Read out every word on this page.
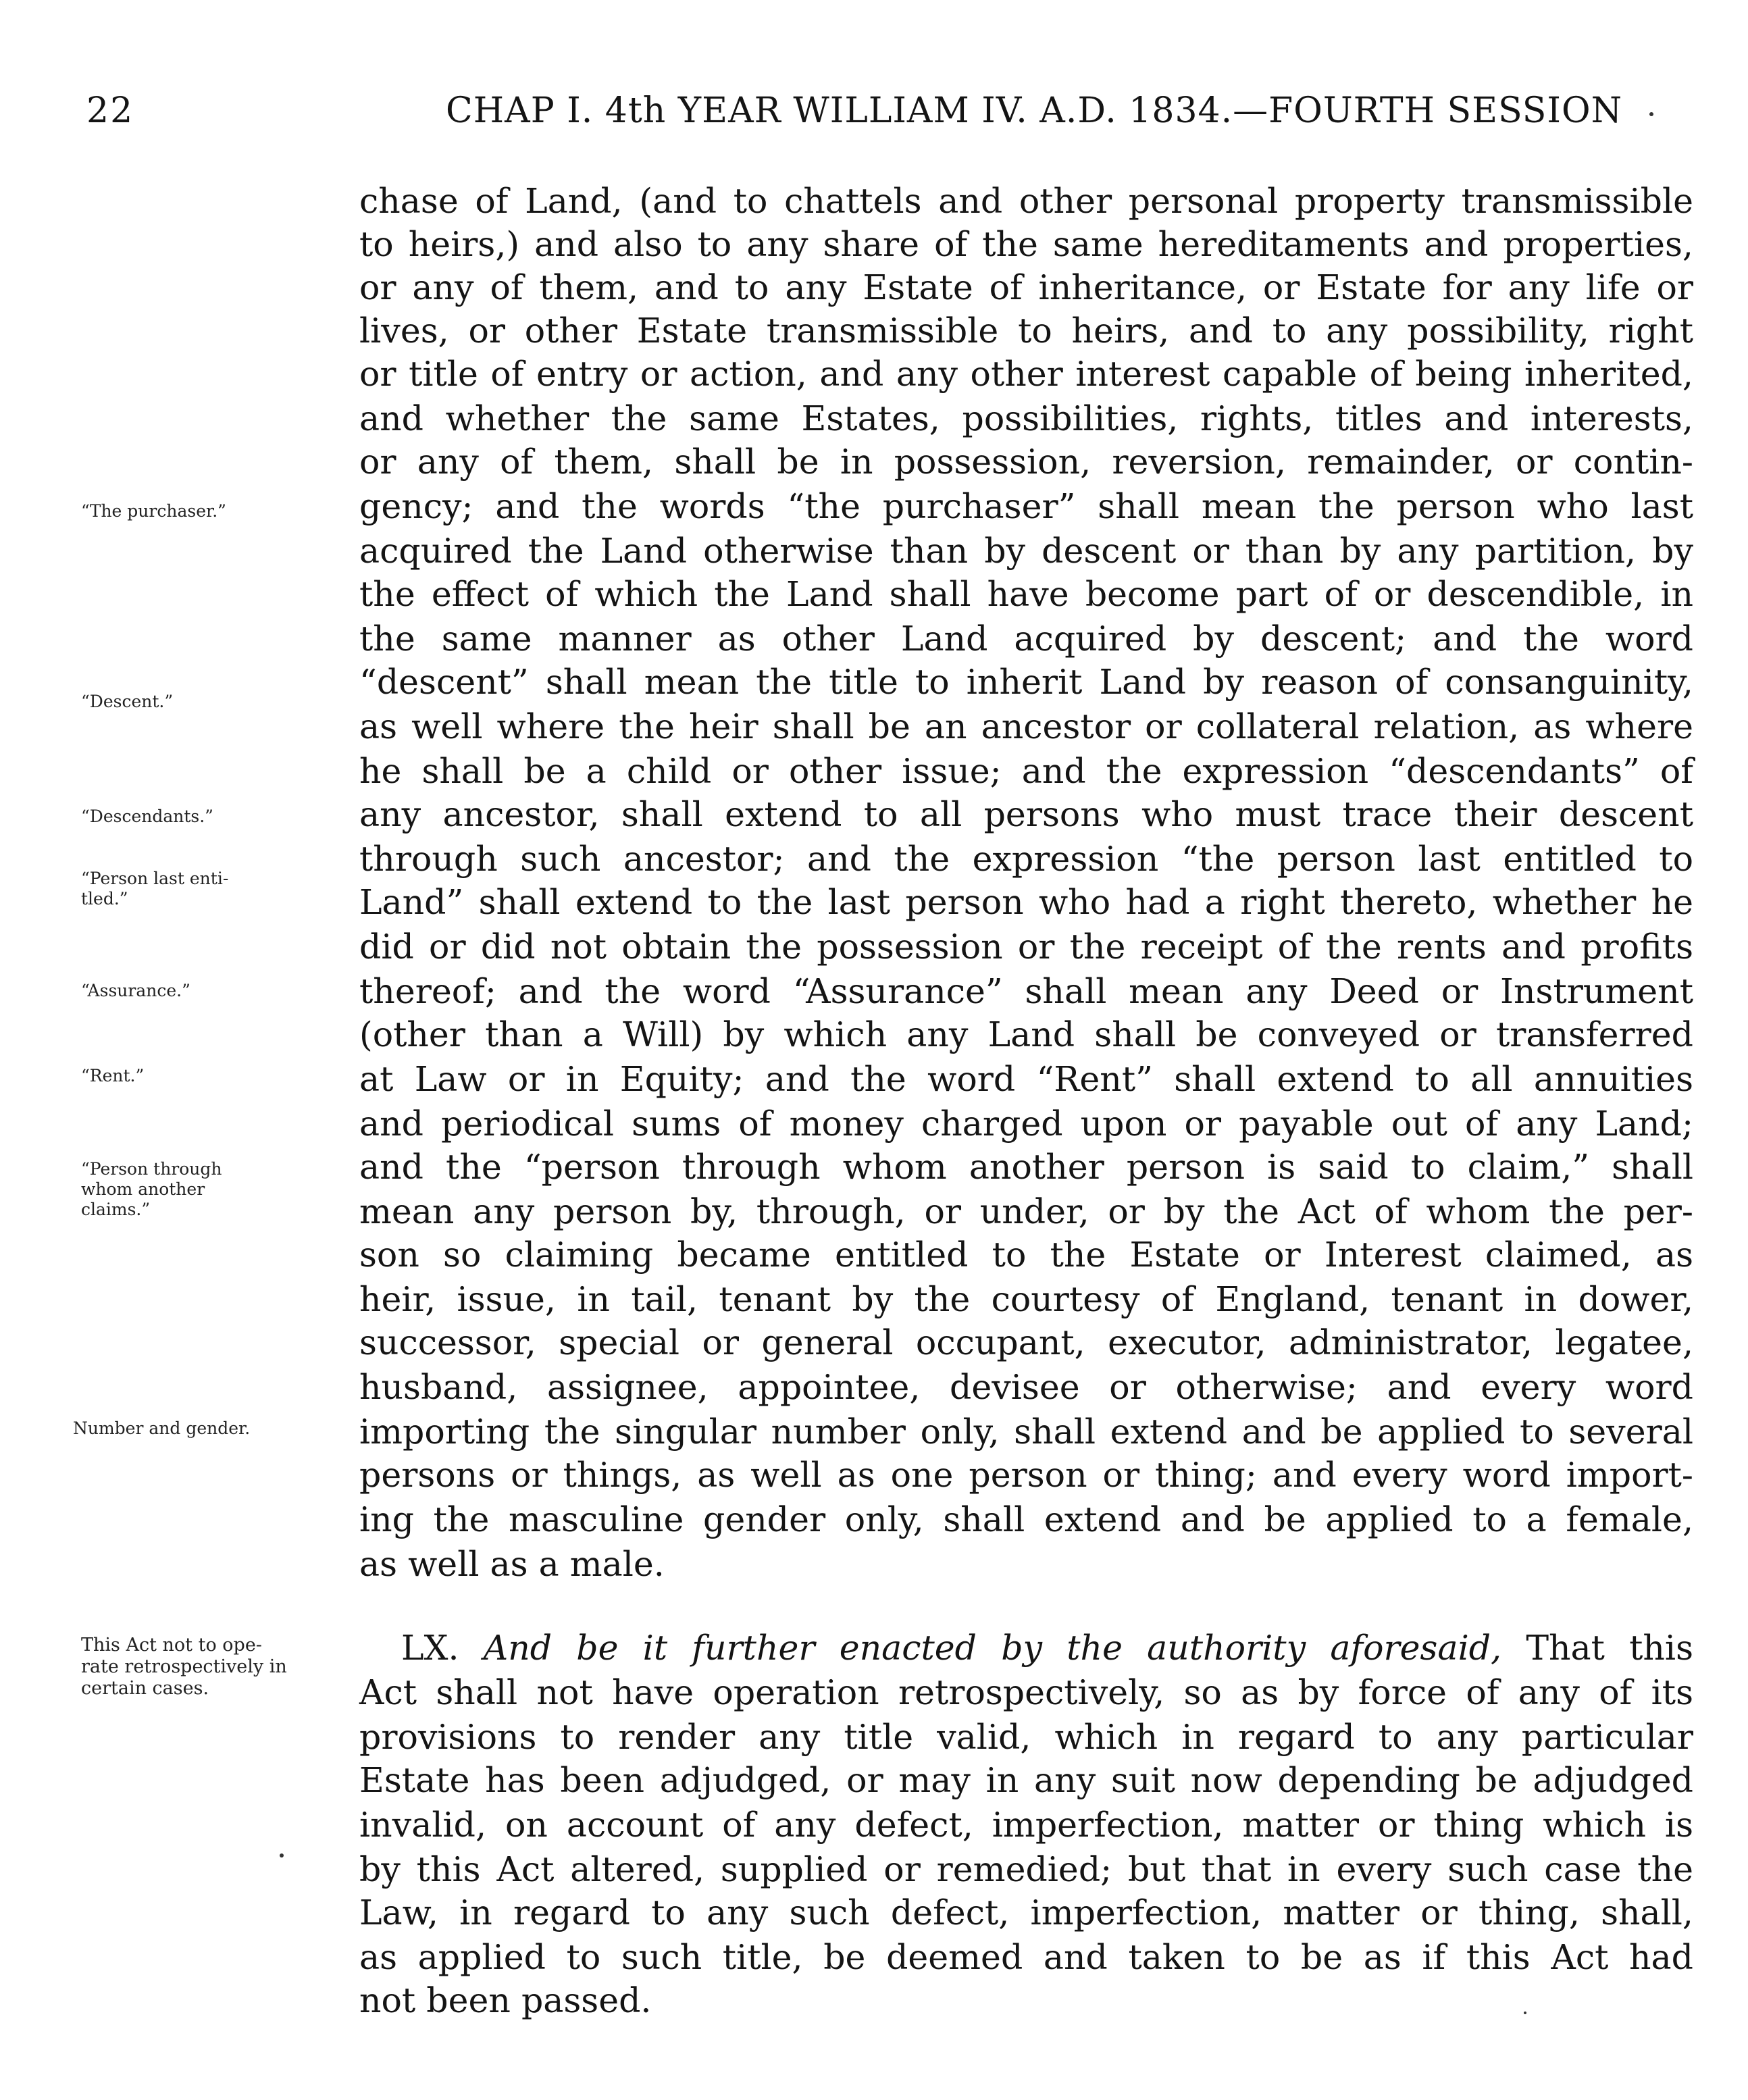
22	CHAP I. 4th YEAR WILLIAM IV. A.D. 1834.—FOURTH SESSION
chase of Land, (and to chattels and other personal property transmissible
to heirs,) and also to any share of the same hereditaments and properties,
or any of them, and to any Estate of inheritance, or Estate for any life or
lives, or other Estate transmissible to heirs, and to any possibility, right
or title of entry or action, and any other interest capable of being inherited,
and whether the same Estates, possibilities, rights, titles and interests,
or any of them, shall be in possession, reversion, remainder, or contin-
gency; and the words “the purchaser” shall mean the person who last
acquired the Land otherwise than by descent or than by any partition, by
the effect of which the Land shall have become part of or descendible, in
the same manner as other Land acquired by descent; and the word
“descent” shall mean the title to inherit Land by reason of consanguinity,
as well where the heir shall be an ancestor or collateral relation, as where
he shall be a child or other issue; and the expression “descendants” of
any ancestor, shall extend to all persons who must trace their descent
through such ancestor; and the expression “the person last entitled to
Land” shall extend to the last person who had a right thereto, whether he
did or did not obtain the possession or the receipt of the rents and profits
thereof; and the word “Assurance” shall mean any Deed or Instrument
(other than a Will) by which any Land shall be conveyed or transferred
at Law or in Equity; and the word “Rent” shall extend to all annuities
and periodical sums of money charged upon or payable out of any Land;
and the “person through whom another person is said to claim,” shall
mean any person by, through, or under, or by the Act of whom the per-
son so claiming became entitled to the Estate or Interest claimed, as
heir, issue, in tail, tenant by the courtesy of England, tenant in dower,
successor, special or general occupant, executor, administrator, legatee,
husband, assignee, appointee, devisee or otherwise; and every word
importing the singular number only, shall extend and be applied to several
persons or things, as well as one person or thing; and every word import-
ing the masculine gender only, shall extend and be applied to a female,
as well as a male.
LX. And be it further enacted by the authority aforesaid, That this
Act shall not have operation retrospectively, so as by force of any of its
provisions to render any title valid, which in regard to any particular
Estate has been adjudged, or may in any suit now depending be adjudged
invalid, on account of any defect, imperfection, matter or thing which is
by this Act altered, supplied or remedied; but that in every such case the
Law, in regard to any such defect, imperfection, matter or thing, shall,
as applied to such title, be deemed and taken to be as if this Act had
not been passed.
“The purchaser.”
“Descent.”
“Descendants.”
“Person last enti-
tled.”
“Assurance.”
“Rent.”
“Person through
whom another
claims.”
Number and gender.
This Act not to ope-
rate retrospectively in
certain cases.
